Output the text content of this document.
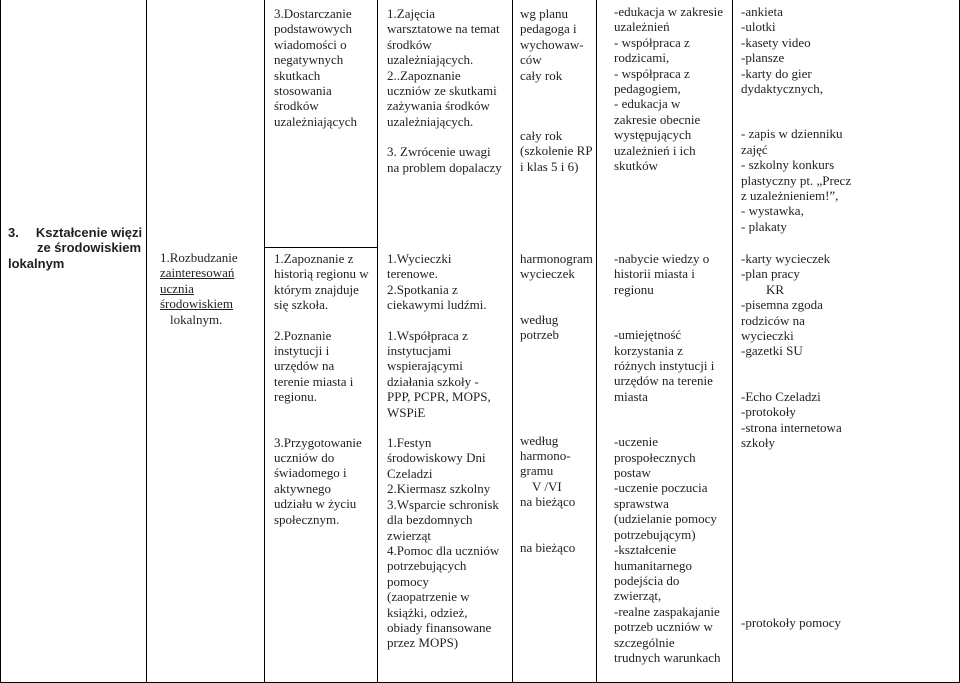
3.	Kształcenie więzi
ze środowiskiem
lokalnym	1.Rozbudzanie
zainteresowań
ucznia
środowiskiem
lokalnym.
3.Dostarczanie
podstawowych
wiadomości o
negatywnych
skutkach
stosowania
środków
uzależniających
1.Zapoznanie z
historią regionu w
którym znajduje
się szkoła.
2.Poznanie
instytucji i
urzędów na
terenie miasta i
regionu.
3.Przygotowanie
uczniów do
świadomego i
aktywnego
udziału w życiu
społecznym.
1.Zajęcia
warsztatowe na temat
środków
uzależniających.
2..Zapoznanie
uczniów ze skutkami
zażywania środków
uzależniających.
3. Zwrócenie uwagi
na problem dopalaczy
1.Wycieczki
terenowe.
2.Spotkania z
ciekawymi ludźmi.
1.Współpraca z
instytucjami
wspierającymi
działania szkoły -
PPP, PCPR, MOPS,
WSPiE
1.Festyn
środowiskowy Dni
Czeladzi
2.Kiermasz szkolny
3.Wsparcie schronisk
dla bezdomnych
zwierząt
4.Pomoc dla uczniów
potrzebujących
pomocy
(zaopatrzenie w
książki, odzież,
obiady finansowane
przez MOPS)
wg planu
pedagoga i
wychowaw-
ców
cały rok
cały rok
(szkolenie RP
i klas 5 i 6)
harmonogram
wycieczek
według
potrzeb
według
harmono-
gramu
V /VI
na bieżąco
na bieżąco
-edukacja w zakresie
uzależnień
- współpraca z
rodzicami,
- współpraca z
pedagogiem,
- edukacja w
zakresie obecnie
występujących
uzależnień i ich
skutków
-nabycie wiedzy o
historii miasta i
regionu
-umiejętność
korzystania z
różnych instytucji i
urzędów na terenie
miasta
-uczenie
prospołecznych
postaw
-uczenie poczucia
sprawstwa
(udzielanie pomocy
potrzebującym)
-kształcenie
humanitarnego
podejścia do
zwierząt,
-realne zaspakajanie
potrzeb uczniów w
szczególnie
trudnych warunkach
-ankieta
-ulotki
-kasety video
-plansze
-karty do gier
dydaktycznych,
- zapis w dzienniku
zajęć
- szkolny konkurs
plastyczny pt. „Precz
z uzależnieniem!”,
- wystawka,
- plakaty
-karty wycieczek
-plan pracy
KR
-pisemna zgoda
rodziców na
wycieczki
-gazetki SU
-Echo Czeladzi
-protokoły
-strona internetowa
szkoły
-protokoły pomocy
